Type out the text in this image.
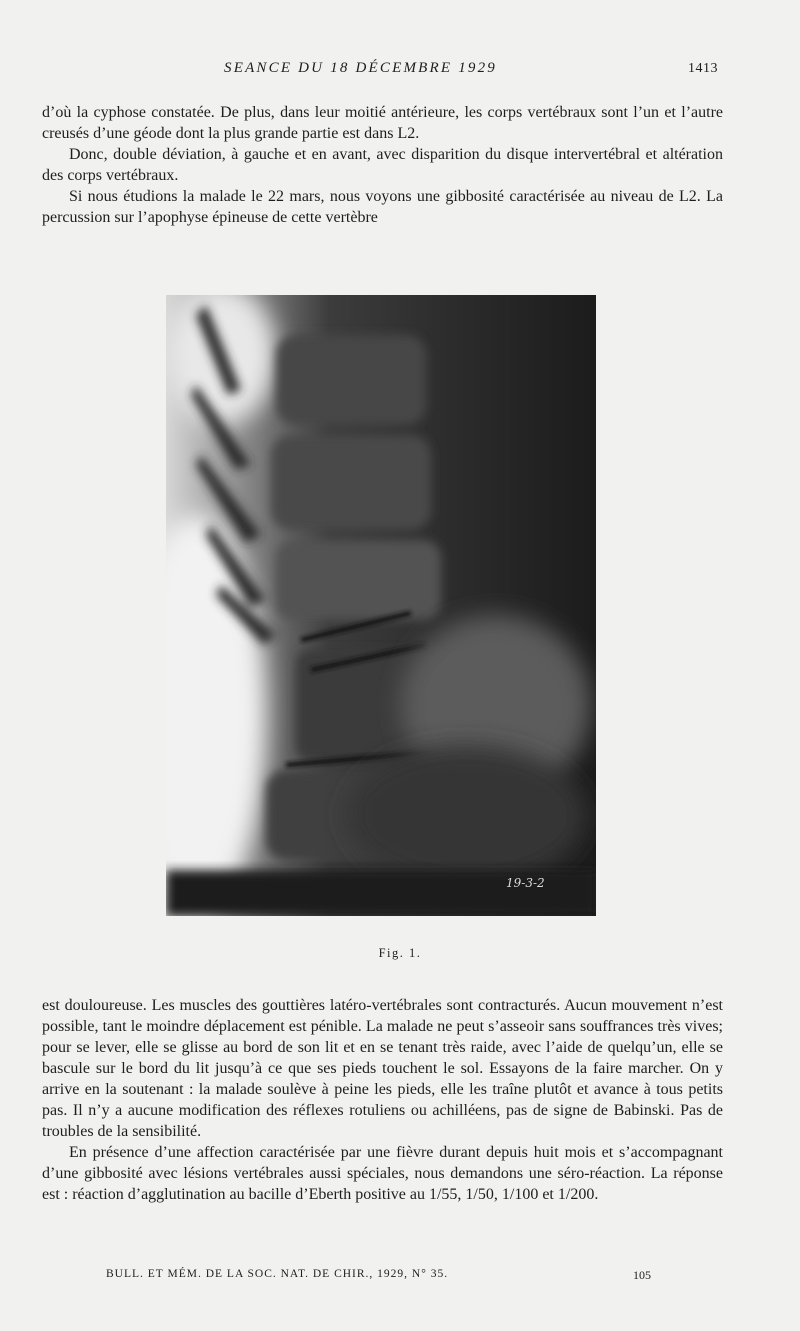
SEANCE DU 18 DÉCEMBRE 1929	1413

d’où la cyphose constatée. De plus, dans leur moitié antérieure, les corps vertébraux sont l’un et l’autre creusés d’une géode dont la plus grande partie est dans L2.

Donc, double déviation, à gauche et en avant, avec disparition du disque intervertébral et altération des corps vertébraux.

Si nous étudions la malade le 22 mars, nous voyons une gibbosité caractérisée au niveau de L2. La percussion sur l’apophyse épineuse de cette vertèbre

19-3-2
Fig. 1.

est douloureuse. Les muscles des gouttières latéro-vertébrales sont contracturés. Aucun mouvement n’est possible, tant le moindre déplacement est pénible. La malade ne peut s’asseoir sans souffrances très vives; pour se lever, elle se glisse au bord de son lit et en se tenant très raide, avec l’aide de quelqu’un, elle se bascule sur le bord du lit jusqu’à ce que ses pieds touchent le sol. Essayons de la faire marcher. On y arrive en la soutenant : la malade soulève à peine les pieds, elle les traîne plutôt et avance à tous petits pas. Il n’y a aucune modification des réflexes rotuliens ou achilléens, pas de signe de Babinski. Pas de troubles de la sensibilité.

En présence d’une affection caractérisée par une fièvre durant depuis huit mois et s’accompagnant d’une gibbosité avec lésions vertébrales aussi spéciales, nous demandons une séro-réaction. La réponse est : réaction d’agglutination au bacille d’Eberth positive au 1/55, 1/50, 1/100 et 1/200.

BULL. ET MÉM. DE LA SOC. NAT. DE CHIR., 1929, N° 35.	105
